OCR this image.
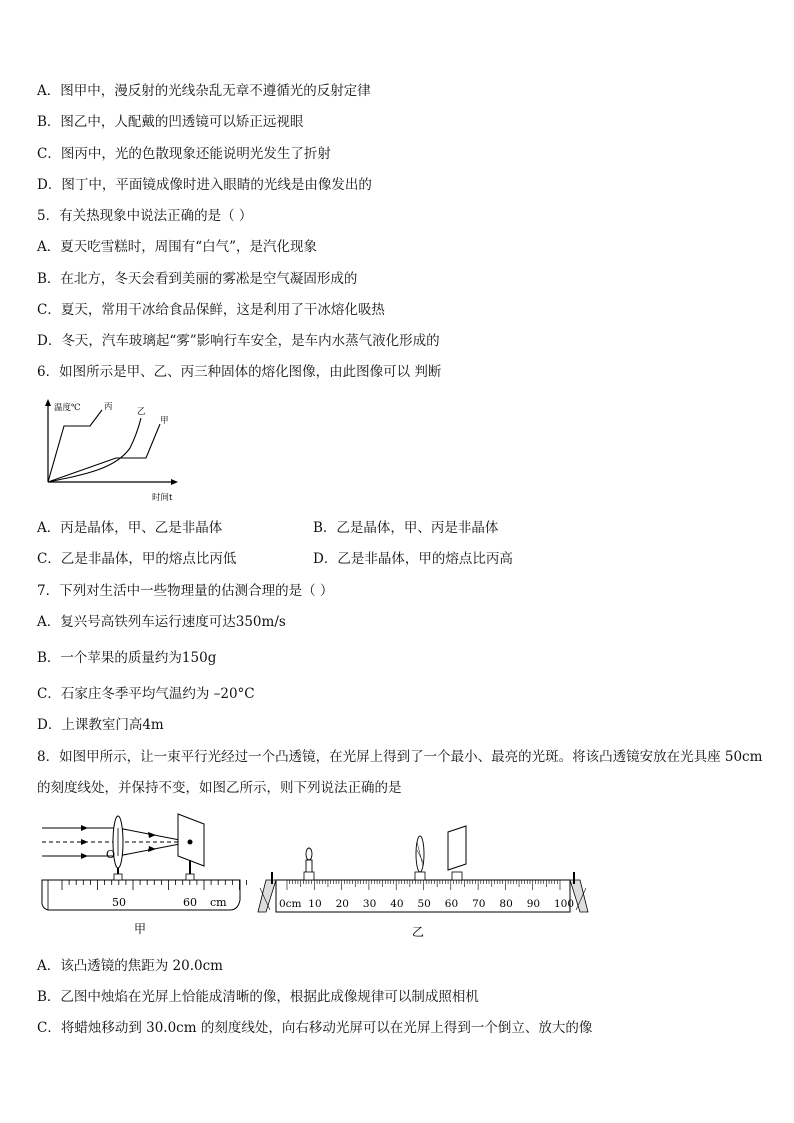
A．图甲中，漫反射的光线杂乱无章不遵循光的反射定律
B．图乙中，人配戴的凹透镜可以矫正远视眼
C．图丙中，光的色散现象还能说明光发生了折射
D．图丁中，平面镜成像时进入眼睛的光线是由像发出的
5．有关热现象中说法正确的是（ ）
A．夏天吃雪糕时，周围有“白气”，是汽化现象
B．在北方，冬天会看到美丽的雾凇是空气凝固形成的
C．夏天，常用干冰给食品保鲜，这是利用了干冰熔化吸热
D．冬天，汽车玻璃起“雾”影响行车安全，是车内水蒸气液化形成的
6．如图所示是甲、乙、丙三种固体的熔化图像，由此图像可以 判断
温度℃
时间t
丙	乙
甲
A．丙是晶体，甲、乙是非晶体	B．乙是晶体，甲、丙是非晶体
C．乙是非晶体，甲的熔点比丙低	D．乙是非晶体，甲的熔点比丙高
7．下列对生活中一些物理量的估测合理的是（ ）
A．复兴号高铁列车运行速度可达350m/s
B．一个苹果的质量约为150g
C．石家庄冬季平均气温约为 –20°C
D．上课教室门高4m
8．如图甲所示，让一束平行光经过一个凸透镜，在光屏上得到了一个最小、最亮的光斑。将该凸透镜安放在光具座 50cm
的刻度线处，并保持不变，如图乙所示，则下列说法正确的是
O
50	60 cm
甲
0cm 10 20 30 40 50 60 70 80 90 100
乙
A．该凸透镜的焦距为 20.0cm
B．乙图中烛焰在光屏上恰能成清晰的像，根据此成像规律可以制成照相机
C．将蜡烛移动到 30.0cm 的刻度线处，向右移动光屏可以在光屏上得到一个倒立、放大的像
